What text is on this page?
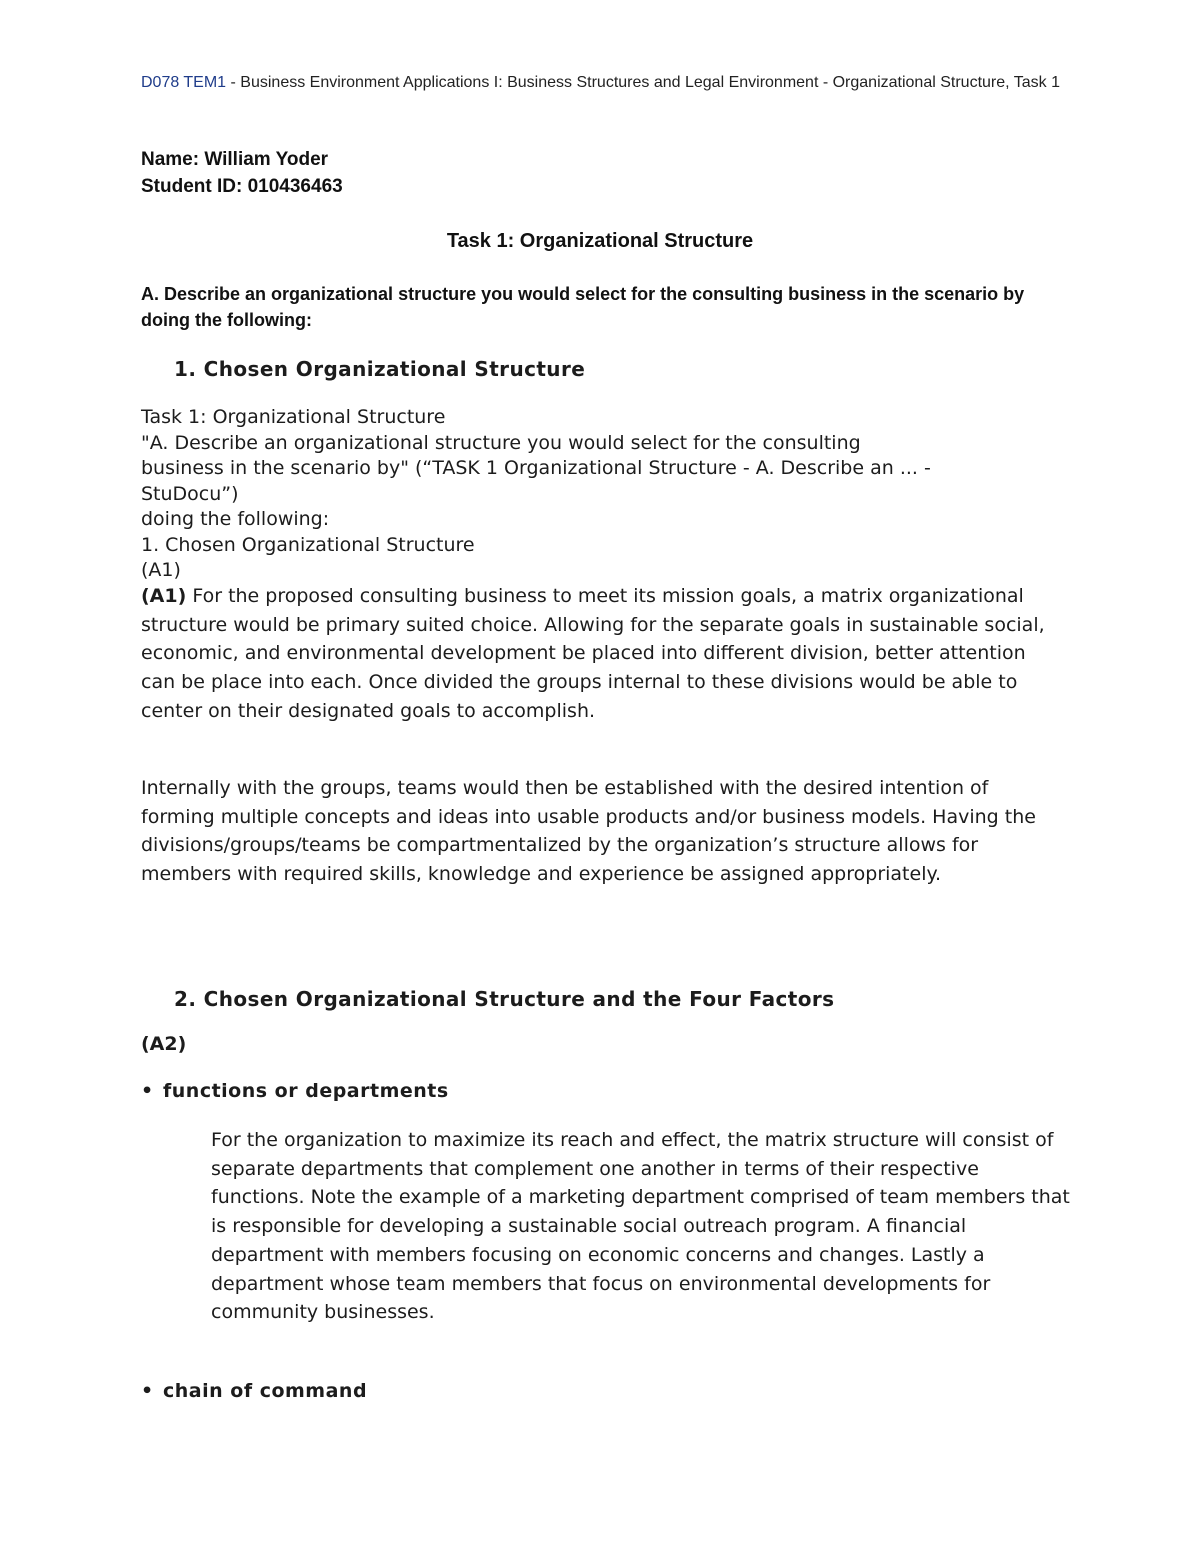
D078 TEM1 - Business Environment Applications I: Business Structures and Legal Environment - Organizational Structure, Task 1
Name: William Yoder
Student ID: 010436463
Task 1: Organizational Structure
A. Describe an organizational structure you would select for the consulting business in the scenario by doing the following:
1. Chosen Organizational Structure
Task 1: Organizational Structure
"A. Describe an organizational structure you would select for the consulting
business in the scenario by" (“TASK 1 Organizational Structure - A. Describe an ... -
StuDocu”)
doing the following:
1. Chosen Organizational Structure
(A1)
(A1) For the proposed consulting business to meet its mission goals, a matrix organizational structure would be primary suited choice. Allowing for the separate goals in sustainable social, economic, and environmental development be placed into different division, better attention can be place into each. Once divided the groups internal to these divisions would be able to center on their designated goals to accomplish.
Internally with the groups, teams would then be established with the desired intention of forming multiple concepts and ideas into usable products and/or business models. Having the divisions/groups/teams be compartmentalized by the organization’s structure allows for members with required skills, knowledge and experience be assigned appropriately.
2. Chosen Organizational Structure and the Four Factors
(A2)
• functions or departments
For the organization to maximize its reach and effect, the matrix structure will consist of separate departments that complement one another in terms of their respective functions. Note the example of a marketing department comprised of team members that is responsible for developing a sustainable social outreach program. A financial department with members focusing on economic concerns and changes. Lastly a department whose team members that focus on environmental developments for community businesses.
• chain of command
